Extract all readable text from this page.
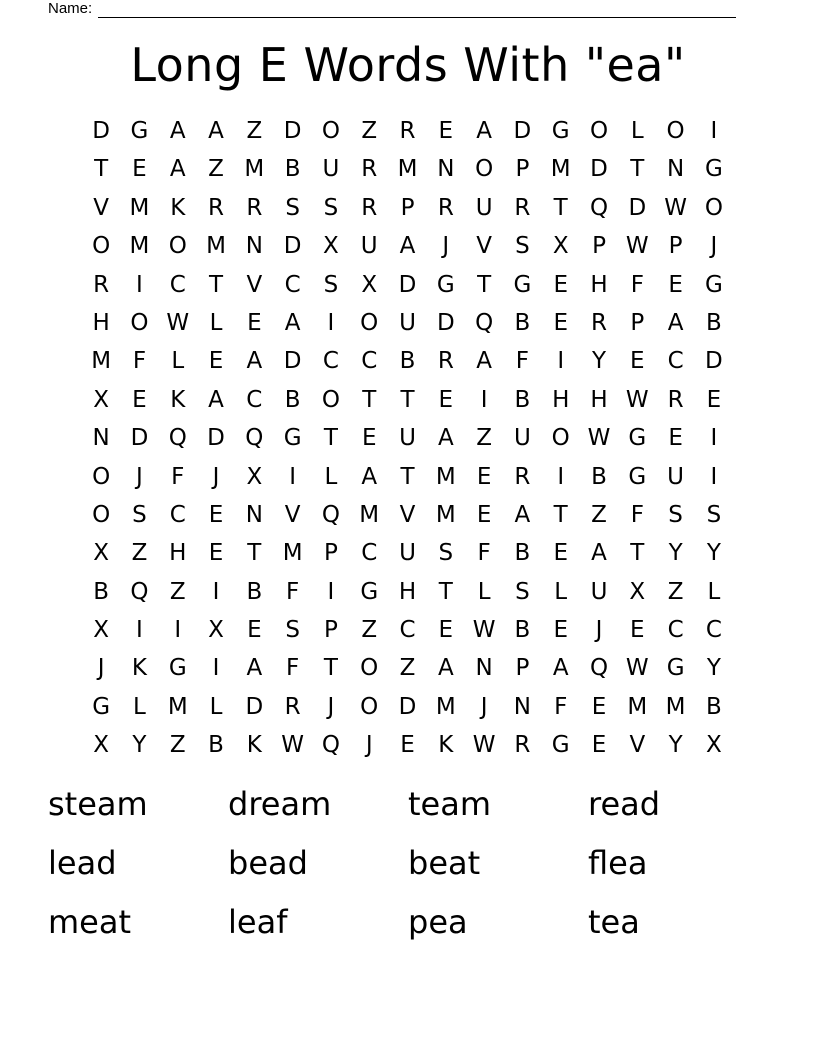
Name:
Long E Words With "ea"
D G A A Z D O Z R	E	A D G O L O	I
T	E	A Z M B U R M N O P M D T N G
V M K R R	S	S	R	P	R U R	T Q D W O
O M O M N D X U A	J	V	S	X	P W P	J
R	I	C	T	V C S	X D G T G E H	F	E G
H O W L	E	A	I	O U D Q B	E	R	P	A B
M F	L	E	A D C C B R A	F	I	Y	E C D
X	E	K A C B O T	T	E	I	B H H W R	E
N D Q D Q G T	E U A Z U O W G E	I
O	J	F	J	X	I	L	A	T M E	R	I	B G U	I
O S C	E N V Q M V M E	A	T	Z	F	S	S
X Z H E	T M P	C U S	F	B	E	A	T	Y	Y
B Q Z	I	B	F	I	G H T	L	S	L	U X Z	L
X	I	I	X	E	S	P	Z C	E W B	E	J	E C C
J	K G	I	A	F	T O Z A N P	A Q W G Y
G L M L	D R	J	O D M	J	N	F	E M M B
X	Y	Z B K W Q	J	E	K W R G E	V	Y	X
steam	dream	team	read
lead	bead	beat	flea
meat	leaf	pea	tea
